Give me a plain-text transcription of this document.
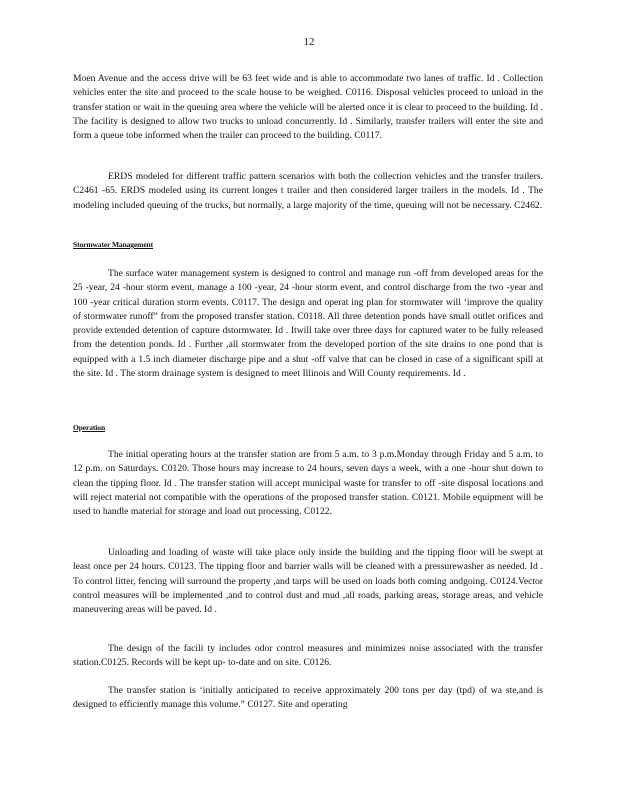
12

Moen Avenue and the access drive will be 63 feet wide and is able to accommodate two lanes of traffic. Id . Collection vehicles enter the site and proceed to the scale house to be weighed. C0116. Disposal vehicles proceed to unload in the transfer station or wait in the queuing area where the vehicle will be alerted once it is clear to proceed to the building. Id . The facility is designed to allow two trucks to unload concurrently. Id . Similarly, transfer trailers will enter the site and form a queue tobe informed when the trailer can proceed to the building. C0117.

ERDS modeled for different traffic pattern scenarios with both the collection vehicles and the transfer trailers. C2461 -65. ERDS modeled using its current longes t trailer and then considered larger trailers in the models. Id . The modeling included queuing of the trucks, but normally, a large majority of the time, queuing will not be necessary. C2462.

Stormwater Management

The surface water management system is designed to control and manage run -off from developed areas for the 25 -year, 24 -hour storm event, manage a 100 -year, 24 -hour storm event, and control discharge from the two -year and 100 -year critical duration storm events. C0117. The design and operat ing plan for stormwater will ‘improve the quality of stormwater runoff” from the proposed transfer station. C0118. All three detention ponds have small outlet orifices and provide extended detention of capture dstormwater. Id . Itwill take over three days for captured water to be fully released from the detention ponds. Id . Further ,all stormwater from the developed portion of the site drains to one pond that is equipped with a 1.5 inch diameter discharge pipe and a shut -off valve that can be closed in case of a significant spill at the site. Id . The storm drainage system is designed to meet Illinois and Will County requirements. Id .

Operation

The initial operating hours at the transfer station are from 5 a.m. to 3 p.m.Monday through Friday and 5 a.m. to 12 p.m. on Saturdays. C0120. Those hours may increase to 24 hours, seven days a week, with a one -hour shut down to clean the tipping floor. Id . The transfer station will accept municipal waste for transfer to off -site disposal locations and will reject material not compatible with the operations of the proposed transfer station. C0121. Mobile equipment will be used to handle material for storage and load out processing. C0122.

Unloading and loading of waste will take place only inside the building and the tipping floor will be swept at least once per 24 hours. C0123. The tipping floor and barrier walls will be cleaned with a pressurewasher as needed. Id . To control litter, fencing will surround the property ,and tarps will be used on loads both coming andgoing. C0124.Vector control measures will be implemented ,and to control dust and mud ,all roads, parking areas, storage areas, and vehicle maneuvering areas will be paved. Id .

The design of the facili ty includes odor control measures and minimizes noise associated with the transfer station.C0125. Records will be kept up- to-date and on site. C0126.

The transfer station is ‘initially anticipated to receive approximately 200 tons per day (tpd) of wa ste,and is designed to efficiently manage this volume.” C0127. Site and operating
